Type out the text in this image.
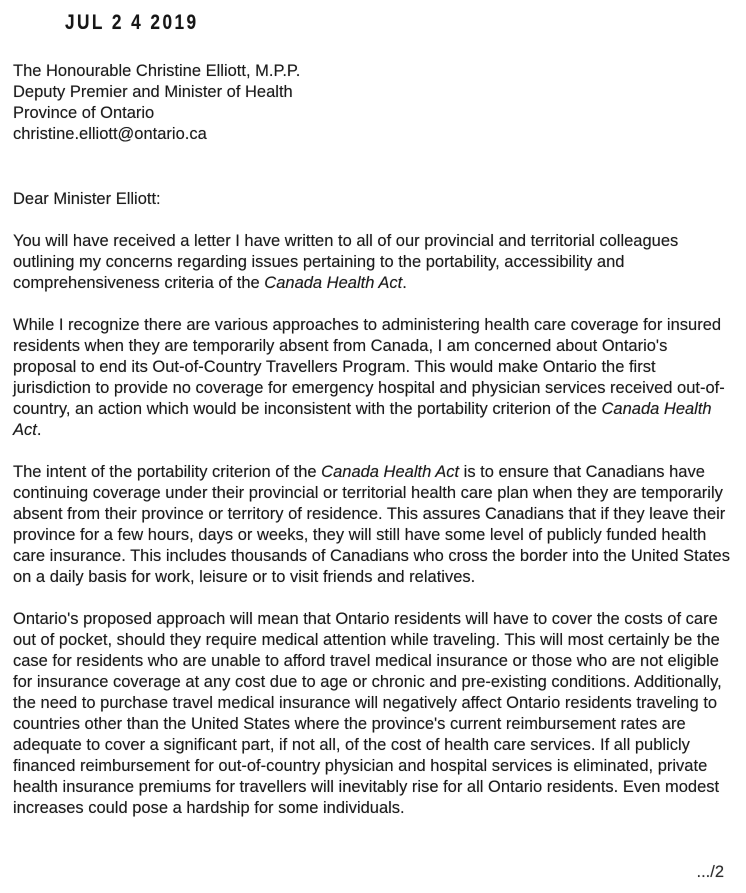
JUL 2 4 2019
The Honourable Christine Elliott, M.P.P.
Deputy Premier and Minister of Health
Province of Ontario
christine.elliott@ontario.ca
Dear Minister Elliott:

You will have received a letter I have written to all of our provincial and territorial colleagues outlining my concerns regarding issues pertaining to the portability, accessibility and comprehensiveness criteria of the Canada Health Act.

While I recognize there are various approaches to administering health care coverage for insured residents when they are temporarily absent from Canada, I am concerned about Ontario's proposal to end its Out-of-Country Travellers Program. This would make Ontario the first jurisdiction to provide no coverage for emergency hospital and physician services received out-of-country, an action which would be inconsistent with the portability criterion of the Canada Health Act.

The intent of the portability criterion of the Canada Health Act is to ensure that Canadians have continuing coverage under their provincial or territorial health care plan when they are temporarily absent from their province or territory of residence. This assures Canadians that if they leave their province for a few hours, days or weeks, they will still have some level of publicly funded health care insurance. This includes thousands of Canadians who cross the border into the United States on a daily basis for work, leisure or to visit friends and relatives.

Ontario's proposed approach will mean that Ontario residents will have to cover the costs of care out of pocket, should they require medical attention while traveling. This will most certainly be the case for residents who are unable to afford travel medical insurance or those who are not eligible for insurance coverage at any cost due to age or chronic and pre-existing conditions. Additionally, the need to purchase travel medical insurance will negatively affect Ontario residents traveling to countries other than the United States where the province's current reimbursement rates are adequate to cover a significant part, if not all, of the cost of health care services. If all publicly financed reimbursement for out-of-country physician and hospital services is eliminated, private health insurance premiums for travellers will inevitably rise for all Ontario residents. Even modest increases could pose a hardship for some individuals.

.../2
